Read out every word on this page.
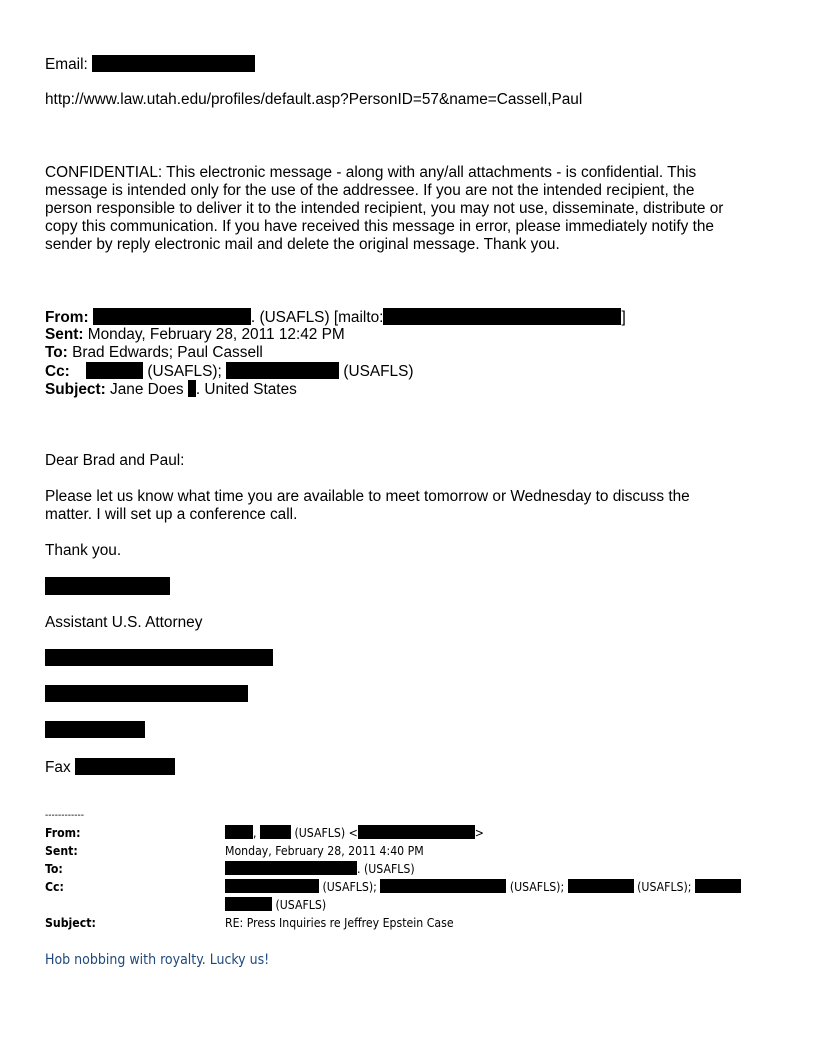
Email:
http://www.law.utah.edu/profiles/default.asp?PersonID=57&name=Cassell,Paul
CONFIDENTIAL: This electronic message - along with any/all attachments - is confidential. This
message is intended only for the use of the addressee. If you are not the intended recipient, the
person responsible to deliver it to the intended recipient, you may not use, disseminate, distribute or
copy this communication. If you have received this message in error, please immediately notify the
sender by reply electronic mail and delete the original message. Thank you.
From:	. (USAFLS) [mailto:	]
Sent: Monday, February 28, 2011 12:42 PM
To: Brad Edwards; Paul Cassell
Cc:	(USAFLS);	(USAFLS)
Subject: Jane Does . United States
Dear Brad and Paul:
Please let us know what time you are available to meet tomorrow or Wednesday to discuss the
matter. I will set up a conference call.
Thank you.
Assistant U.S. Attorney
Fax
------------
From:	,	(USAFLS) <	>
Sent:	Monday, February 28, 2011 4:40 PM
To:	. (USAFLS)
Cc:	(USAFLS);	(USAFLS);	(USAFLS);
(USAFLS)
Subject:	RE: Press Inquiries re Jeffrey Epstein Case
Hob nobbing with royalty. Lucky us!
